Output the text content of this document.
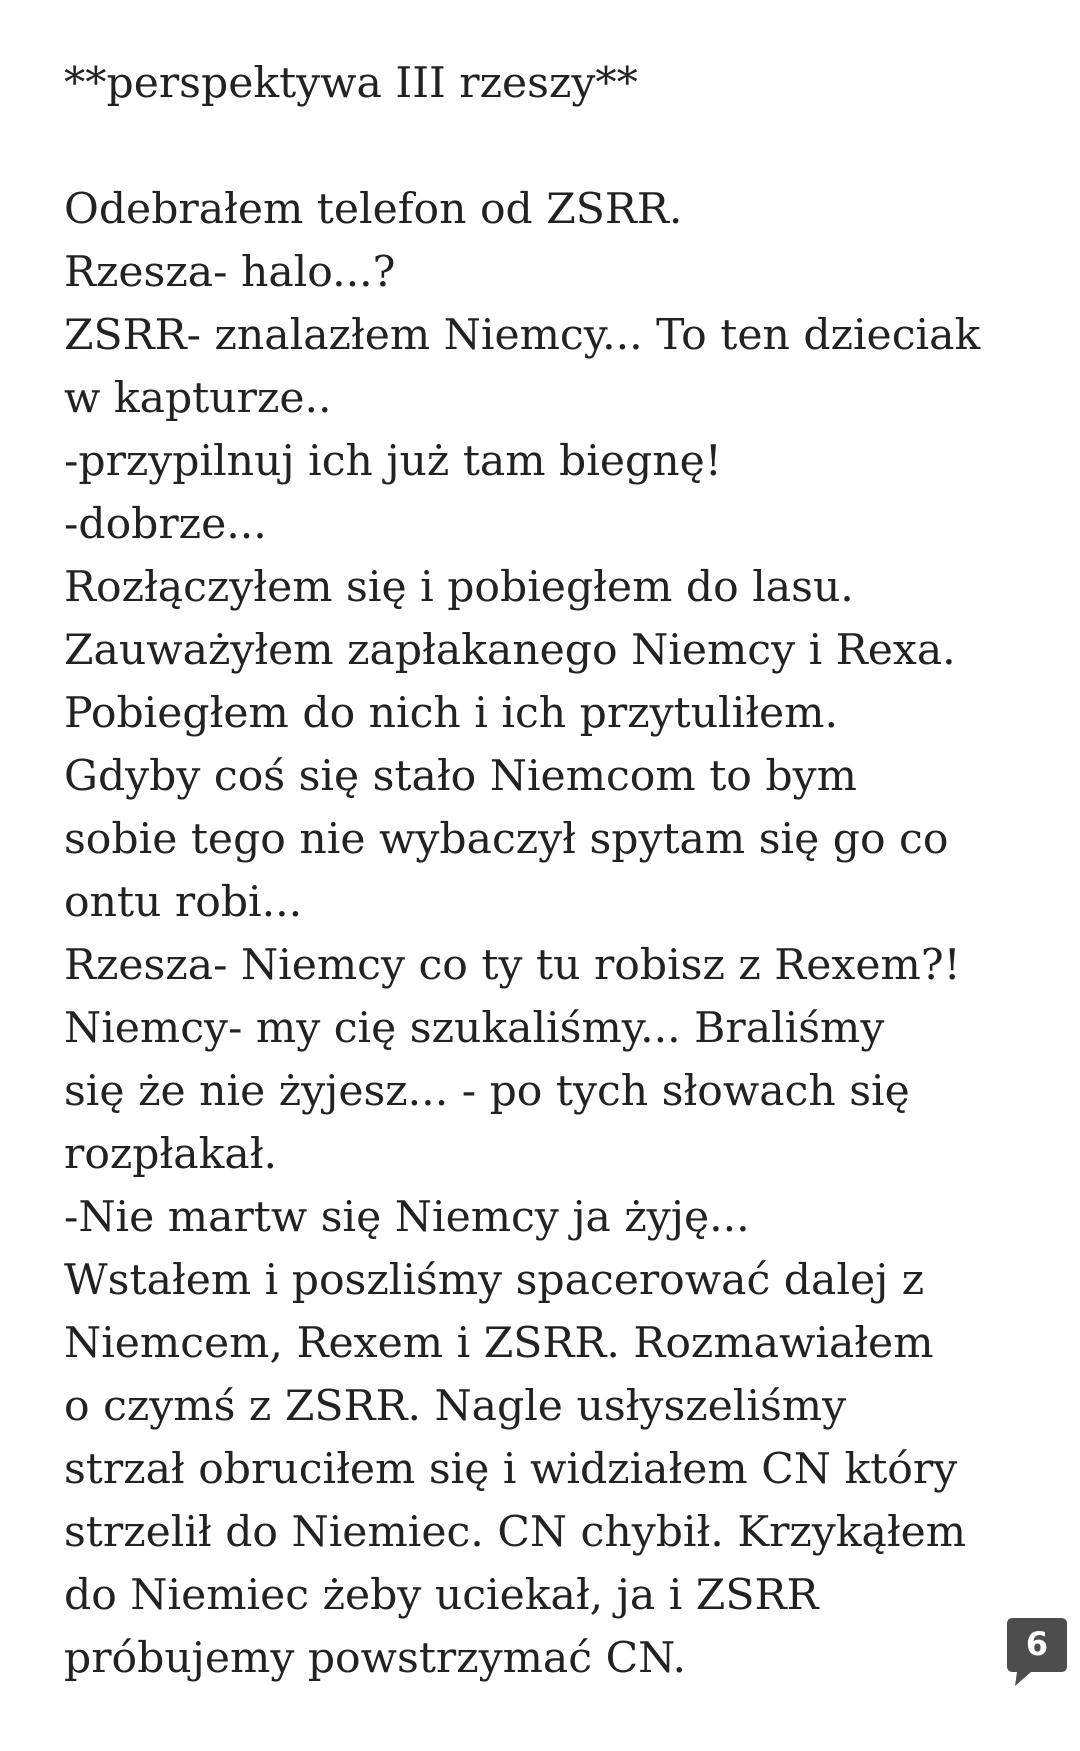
**perspektywa III rzeszy**
Odebrałem telefon od ZSRR.
Rzesza- halo...?
ZSRR- znalazłem Niemcy... To ten dzieciak
w kapturze..
-przypilnuj ich już tam biegnę!
-dobrze...
Rozłączyłem się i pobiegłem do lasu.
Zauważyłem zapłakanego Niemcy i Rexa.
Pobiegłem do nich i ich przytuliłem.
Gdyby coś się stało Niemcom to bym
sobie tego nie wybaczył spytam się go co
ontu robi...
Rzesza- Niemcy co ty tu robisz z Rexem?!
Niemcy- my cię szukaliśmy... Braliśmy
się że nie żyjesz... - po tych słowach się
rozpłakał.
-Nie martw się Niemcy ja żyję...
Wstałem i poszliśmy spacerować dalej z
Niemcem, Rexem i ZSRR. Rozmawiałem
o czymś z ZSRR. Nagle usłyszeliśmy
strzał obruciłem się i widziałem CN który
strzelił do Niemiec. CN chybił. Krzykąłem
do Niemiec żeby uciekał, ja i ZSRR
próbujemy powstrzymać CN.	6
